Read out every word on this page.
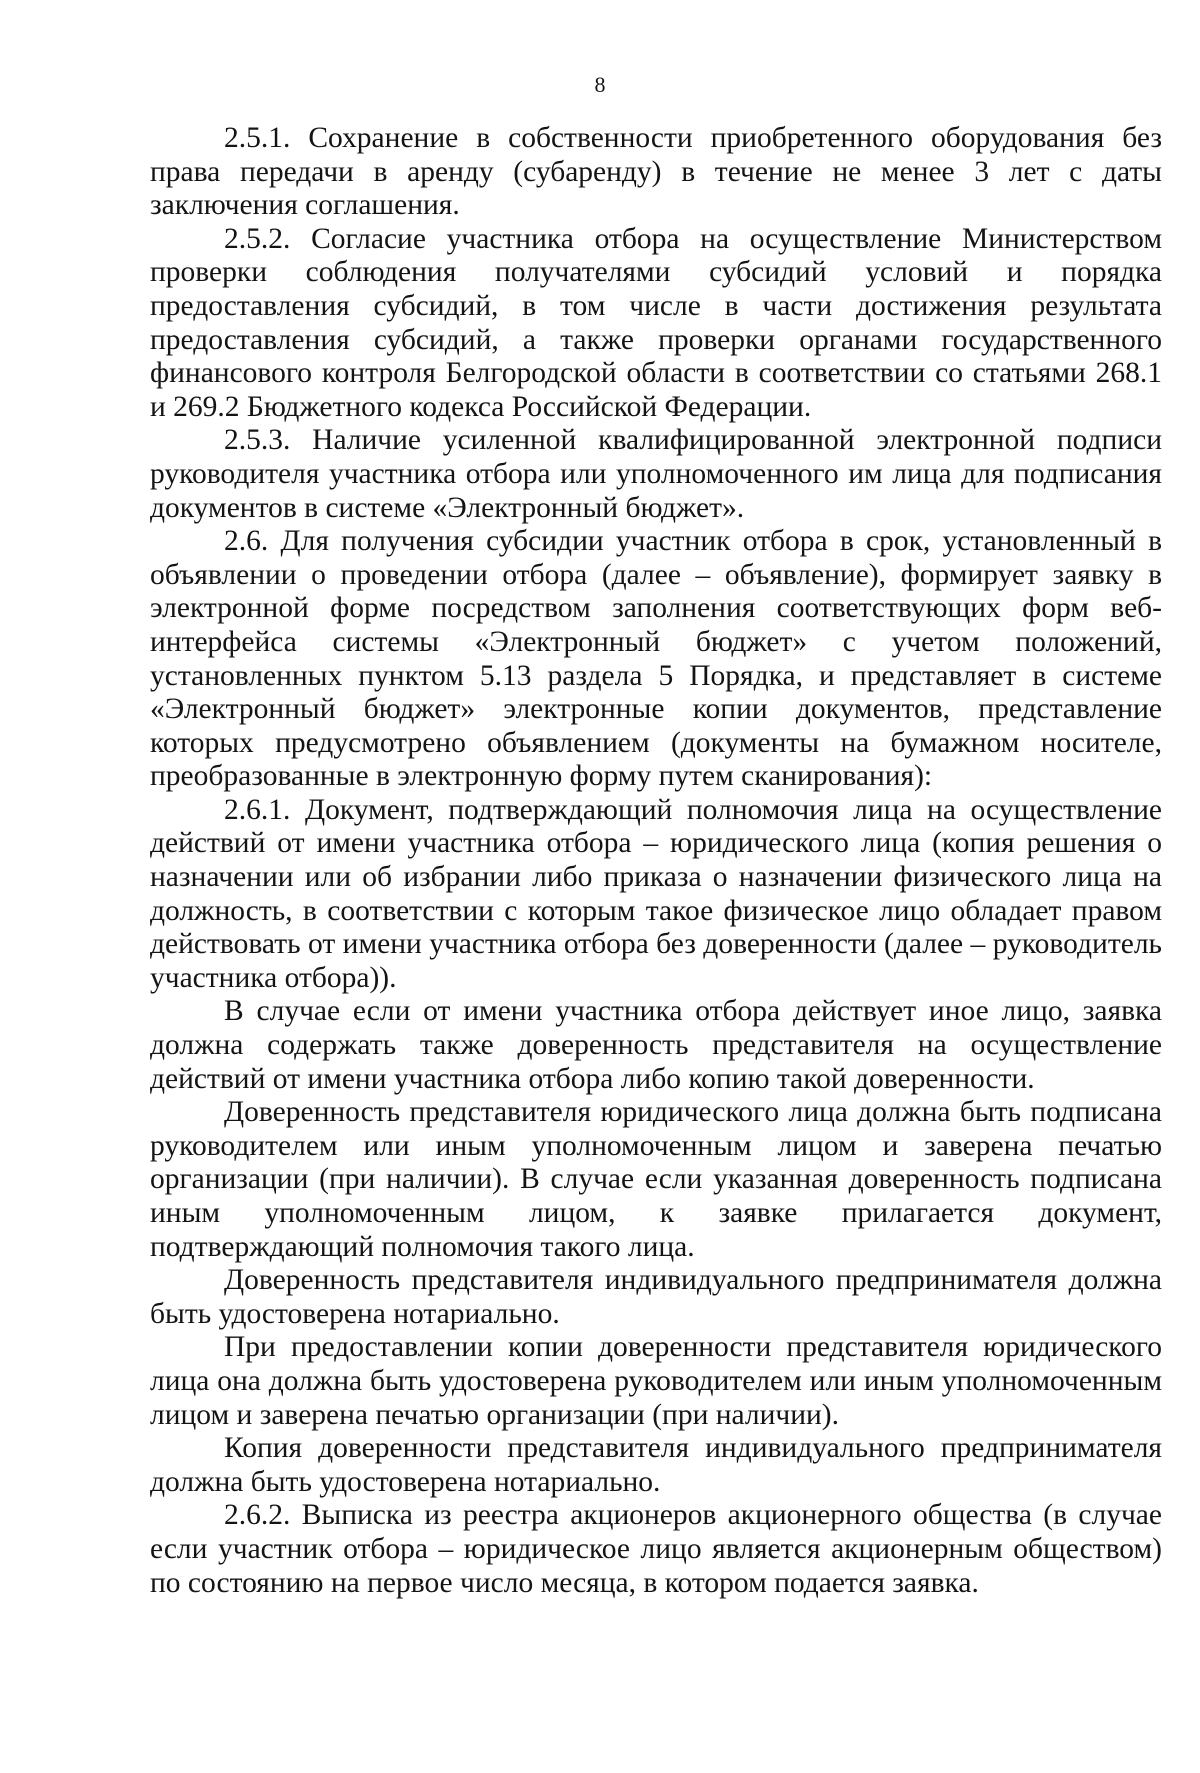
8

2.5.1. Сохранение в собственности приобретенного оборудования без права передачи в аренду (субаренду) в течение не менее 3 лет с даты заключения соглашения.

2.5.2. Согласие участника отбора на осуществление Министерством проверки соблюдения получателями субсидий условий и порядка предоставления субсидий, в том числе в части достижения результата предоставления субсидий, а также проверки органами государственного финансового контроля Белгородской области в соответствии со статьями 268.1 и 269.2 Бюджетного кодекса Российской Федерации.

2.5.3. Наличие усиленной квалифицированной электронной подписи руководителя участника отбора или уполномоченного им лица для подписания документов в системе «Электронный бюджет».

2.6. Для получения субсидии участник отбора в срок, установленный в объявлении о проведении отбора (далее – объявление), формирует заявку в электронной форме посредством заполнения соответствующих форм веб-интерфейса системы «Электронный бюджет» с учетом положений, установленных пунктом 5.13 раздела 5 Порядка, и представляет в системе «Электронный бюджет» электронные копии документов, представление которых предусмотрено объявлением (документы на бумажном носителе, преобразованные в электронную форму путем сканирования):

2.6.1. Документ, подтверждающий полномочия лица на осуществление действий от имени участника отбора – юридического лица (копия решения о назначении или об избрании либо приказа о назначении физического лица на должность, в соответствии с которым такое физическое лицо обладает правом действовать от имени участника отбора без доверенности (далее – руководитель участника отбора)).

В случае если от имени участника отбора действует иное лицо, заявка должна содержать также доверенность представителя на осуществление действий от имени участника отбора либо копию такой доверенности.

Доверенность представителя юридического лица должна быть подписана руководителем или иным уполномоченным лицом и заверена печатью организации (при наличии). В случае если указанная доверенность подписана иным уполномоченным лицом, к заявке прилагается документ, подтверждающий полномочия такого лица.

Доверенность представителя индивидуального предпринимателя должна быть удостоверена нотариально.

При предоставлении копии доверенности представителя юридического лица она должна быть удостоверена руководителем или иным уполномоченным лицом и заверена печатью организации (при наличии).

Копия доверенности представителя индивидуального предпринимателя должна быть удостоверена нотариально.

2.6.2. Выписка из реестра акционеров акционерного общества (в случае если участник отбора – юридическое лицо является акционерным обществом) по состоянию на первое число месяца, в котором подается заявка.
